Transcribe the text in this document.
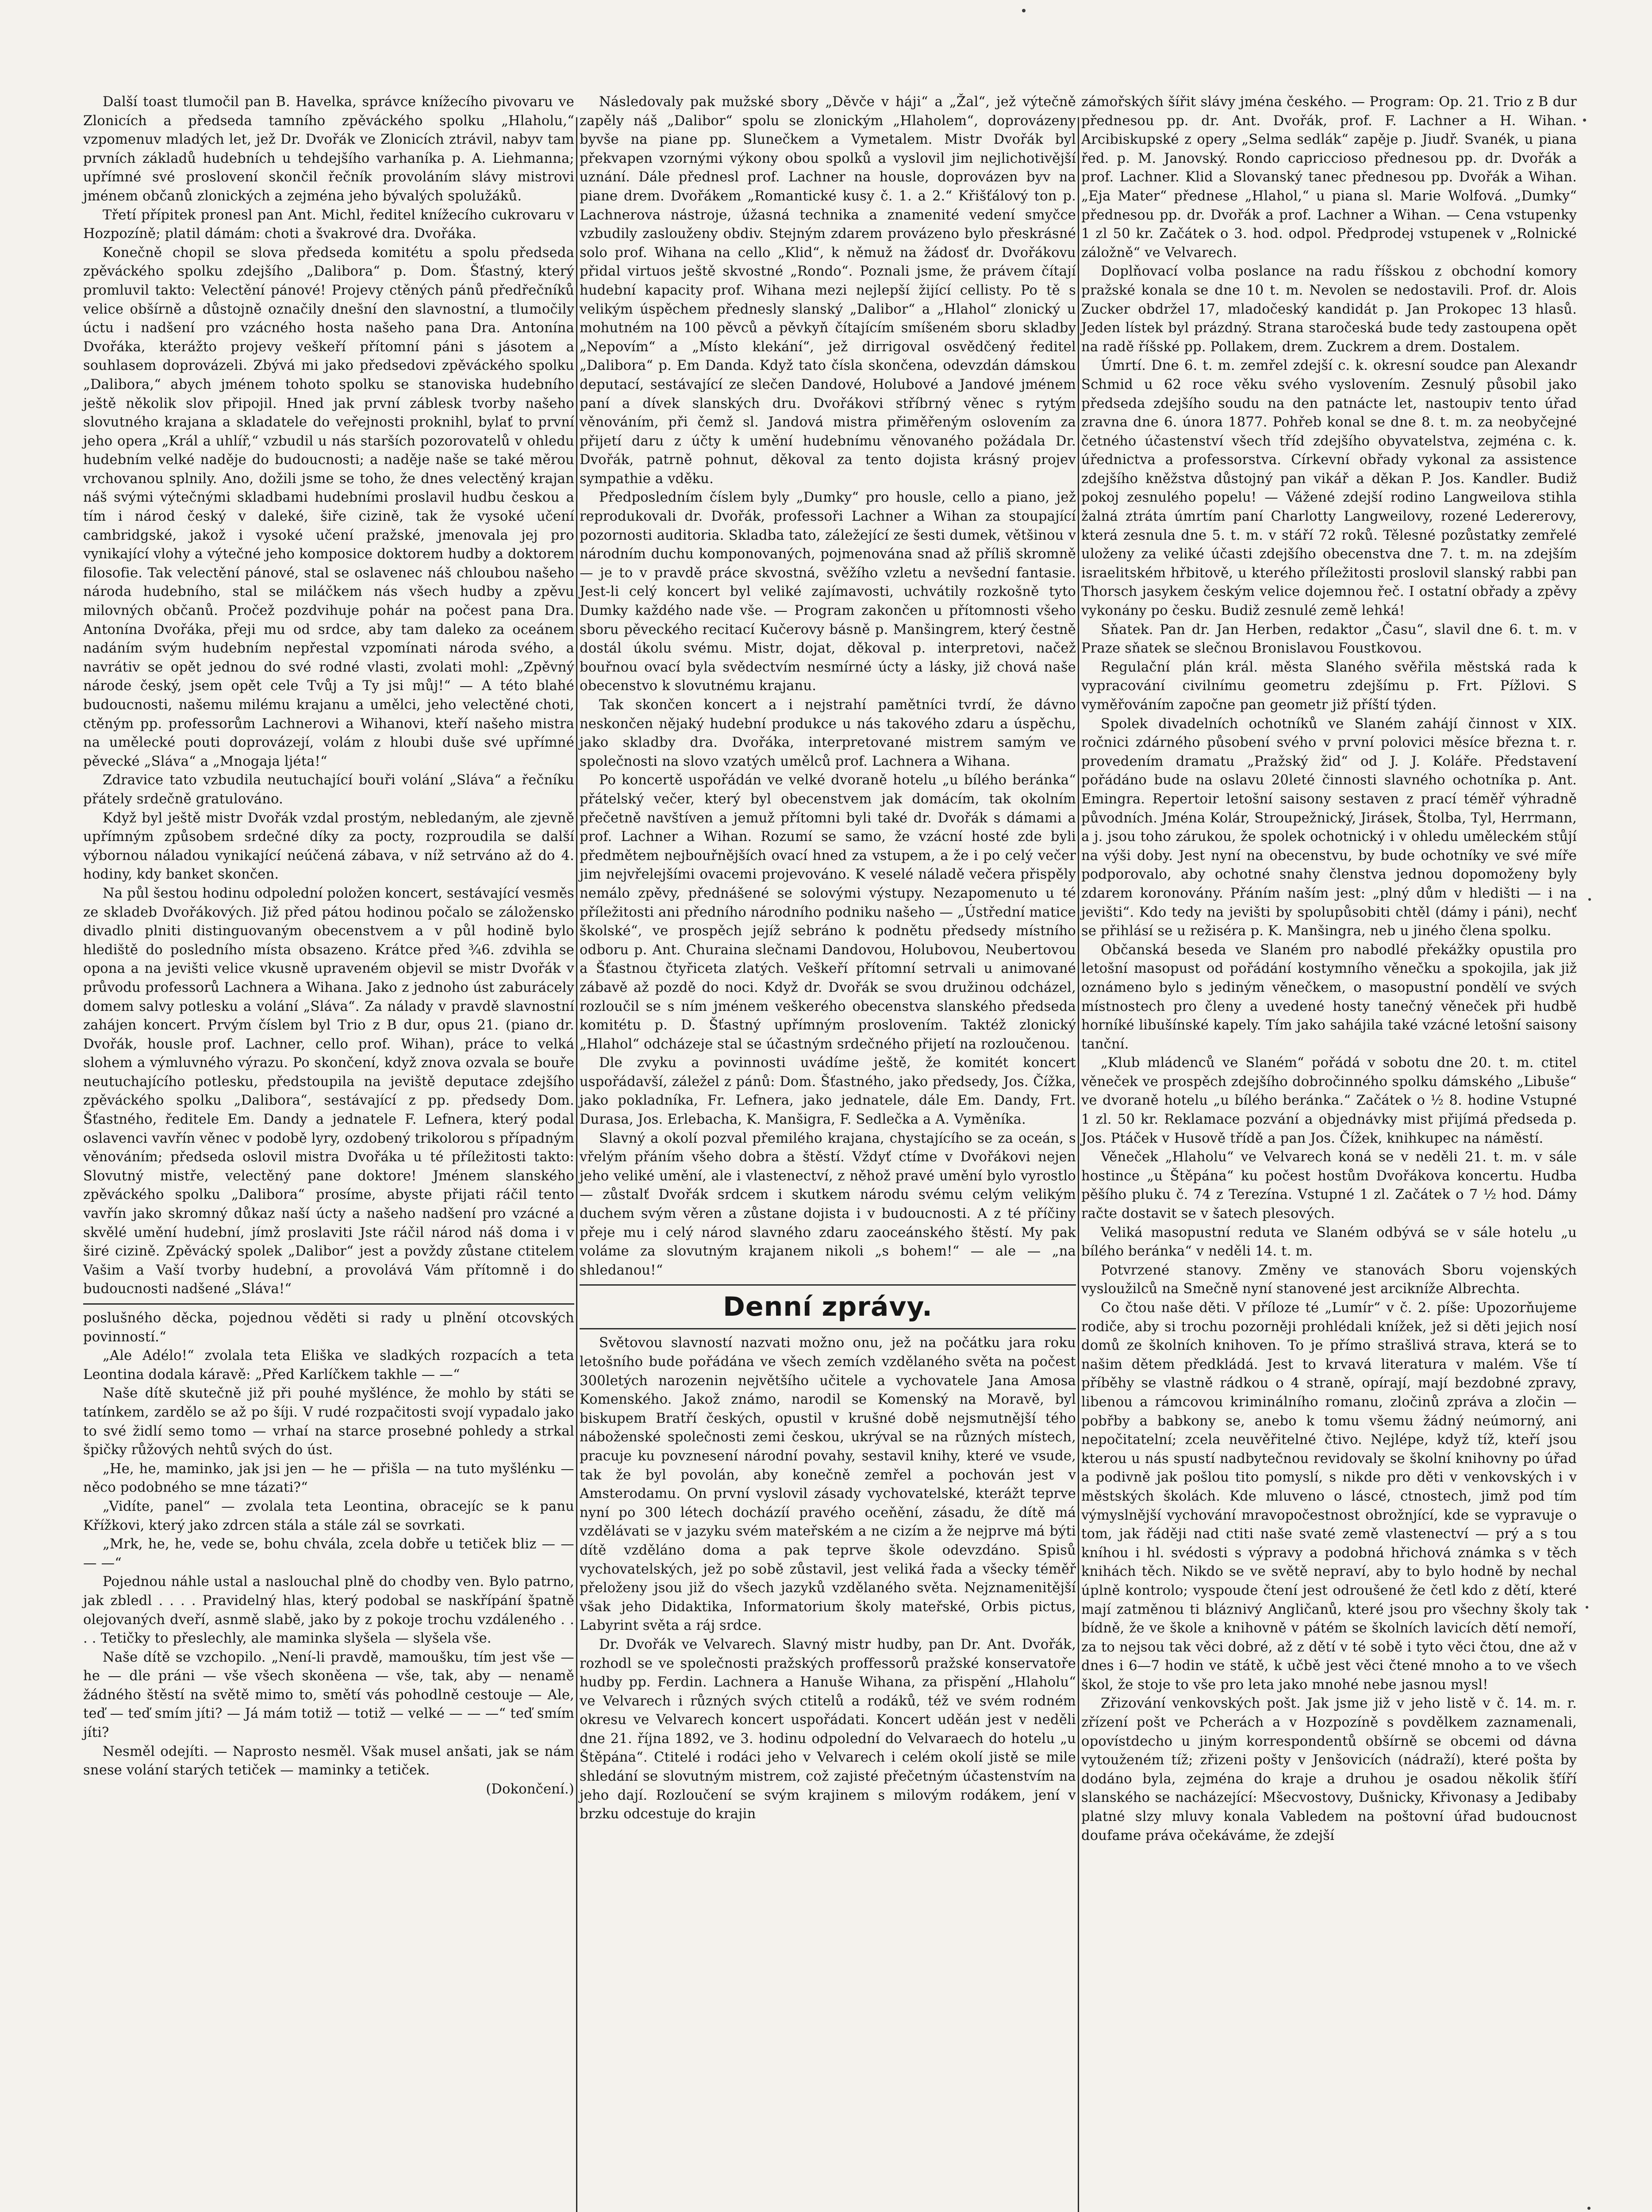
Další toast tlumočil pan B. Havelka, správce knížecího pivovaru ve Zlonicích a předseda tamního zpěváckého spolku „Hlaholu,“ vzpomenuv mladých let, jež Dr. Dvořák ve Zlonicích ztrávil, nabyv tam prvních základů hudebních u tehdejšího varhaníka p. A. Liehmanna; upřímné své proslovení skončil řečník provoláním slávy mistrovi jménem občanů zlonických a zejména jeho bývalých spolužáků.

Třetí přípitek pronesl pan Ant. Michl, ředitel knížecího cukrovaru v Hozpozíně; platil dámám: choti a švakrové dra. Dvořáka.

Konečně chopil se slova předseda komitétu a spolu předseda zpěváckého spolku zdejšího „Dalibora“ p. Dom. Šťastný, který promluvil takto: Velectění pánové! Projevy ctěných pánů předřečníků velice obšírně a důstojně označily dnešní den slavnostní, a tlumočily úctu i nadšení pro vzácného hosta našeho pana Dra. Antonína Dvořáka, kterážto projevy veškeří přítomní páni s jásotem a souhlasem doprovázeli. Zbývá mi jako předsedovi zpěváckého spolku „Dalibora,“ abych jménem tohoto spolku se stanoviska hudebního ještě několik slov připojil. Hned jak první záblesk tvorby našeho slovutného krajana a skladatele do veřejnosti proknihl, bylať to první jeho opera „Král a uhlíř,“ vzbudil u nás starších pozorovatelů v ohledu hudebním velké naděje do budoucnosti; a naděje naše se také měrou vrchovanou splnily. Ano, dožili jsme se toho, že dnes velectěný krajan náš svými výtečnými skladbami hudebními proslavil hudbu českou a tím i národ český v daleké, šiře cizině, tak že vysoké učení cambridgské, jakož i vysoké učení pražské, jmenovala jej pro vynikající vlohy a výtečné jeho komposice doktorem hudby a doktorem filosofie. Tak velectění pánové, stal se oslavenec náš chloubou našeho národa hudebního, stal se miláčkem nás všech hudby a zpěvu milovných občanů. Pročež pozdvihuje pohár na počest pana Dra. Antonína Dvořáka, přeji mu od srdce, aby tam daleko za oceánem nadáním svým hudebním nepřestal vzpomínati národa svého, a navrátiv se opět jednou do své rodné vlasti, zvolati mohl: „Zpěvný národe český, jsem opět cele Tvůj a Ty jsi můj!“ — A této blahé budoucnosti, našemu milému krajanu a umělci, jeho velectěné choti, ctěným pp. professorům Lachnerovi a Wihanovi, kteří našeho mistra na umělecké pouti doprovázejí, volám z hloubi duše své upřímné pěvecké „Sláva“ a „Mnogaja ljéta!“

Zdravice tato vzbudila neutuchající bouři volání „Sláva“ a řečníku přátely srdečně gratulováno.

Když byl ještě mistr Dvořák vzdal prostým, nebledaným, ale zjevně upřímným způsobem srdečné díky za pocty, rozproudila se další výbornou náladou vynikající neúčená zábava, v níž setrváno až do 4. hodiny, kdy banket skončen.

Na půl šestou hodinu odpolední položen koncert, sestávající vesměs ze skladeb Dvořákových. Již před pátou hodinou počalo se záložensko divadlo plniti distinguovaným obecenstvem a v půl hodině bylo hlediště do posledního místa obsazeno. Krátce před ¾6. zdvihla se opona a na jevišti velice vkusně upraveném objevil se mistr Dvořák v průvodu professorů Lachnera a Wihana. Jako z jednoho úst zaburácely domem salvy potlesku a volání „Sláva“. Za nálady v pravdě slavnostní zahájen koncert. Prvým číslem byl Trio z B dur, opus 21. (piano dr. Dvořák, housle prof. Lachner, cello prof. Wihan), práce to velká slohem a výmluvného výrazu. Po skončení, když znova ozvala se bouře neutuchajícího potlesku, předstoupila na jeviště deputace zdejšího zpěváckého spolku „Dalibora“, sestávající z pp. předsedy Dom. Šťastného, ředitele Em. Dandy a jednatele F. Lefnera, který podal oslavenci vavřín věnec v podobě lyry, ozdobený trikolorou s případným věnováním; předseda oslovil mistra Dvořáka u té příležitosti takto: Slovutný mistře, velectěný pane doktore! Jménem slanského zpěváckého spolku „Dalibora“ prosíme, abyste přijati ráčil tento vavřín jako skromný důkaz naší úcty a našeho nadšení pro vzácné a skvělé umění hudební, jímž proslaviti Jste ráčil národ náš doma i v širé cizině. Zpěvácký spolek „Dalibor“ jest a povždy zůstane ctitelem Vašim a Vaší tvorby hudební, a provolává Vám přítomně i do budoucnosti nadšené „Sláva!“

poslušného děcka, pojednou věděti si rady u plnění otcovských povinností.“

„Ale Adélo!“ zvolala teta Eliška ve sladkých rozpacích a teta Leontina dodala káravě: „Před Karlíčkem takhle — —“

Naše dítě skutečně již při pouhé myšlénce, že mohlo by státi se tatínkem, zardělo se až po šíji. V rudé rozpačitosti svojí vypadalo jako to své židlí semo tomo — vrhaí na starce prosebné pohledy a strkal špičky růžových nehtů svých do úst.

„He, he, maminko, jak jsi jen — he — přišla — na tuto myšlénku — něco podobného se mne tázati?“

„Vidíte, panel“ — zvolala teta Leontina, obracejíc se k panu Křížkovi, který jako zdrcen stála a stále zál se sovrkati.

„Mrk, he, he, vede se, bohu chvála, zcela dobře u tetiček bliz — — — —“

Pojednou náhle ustal a naslouchal plně do chodby ven. Bylo patrno, jak zbledl . . . . Pravidelný hlas, který podobal se naskřípání špatně olejovaných dveří, asnmě slabě, jako by z pokoje trochu vzdáleného . . . . Tetičky to přeslechly, ale maminka slyšela — slyšela vše.

Naše dítě se vzchopilo. „Není-li pravdě, mamoušku, tím jest vše — he — dle práni — vše všech skoněena — vše, tak, aby — nenamě žádného štěstí na světě mimo to, smětí vás pohodlně cestouje — Ale, teď — teď smím jíti? — Já mám totiž — totiž — velké — — —“ teď smím jíti?

Nesměl odejíti. — Naprosto nesměl. Však musel anšati, jak se nám snese volání starých tetiček — maminky a tetiček.

(Dokončení.)

Následovaly pak mužské sbory „Děvče v háji“ a „Žal“, jež výtečně zapěly náš „Dalibor“ spolu se zlonickým „Hlaholem“, doprovázeny byvše na piane pp. Slunečkem a Vymetalem. Mistr Dvořák byl překvapen vzornými výkony obou spolků a vyslovil jim nejlichotivější uznání. Dále přednesl prof. Lachner na housle, doprovázen byv na piane drem. Dvořákem „Romantické kusy č. 1. a 2.“ Křišťálový ton p. Lachnerova nástroje, úžasná technika a znamenité vedení smyčce vzbudily zaslouženy obdiv. Stejným zdarem provázeno bylo přeskrásné solo prof. Wihana na cello „Klid“, k němuž na žádosť dr. Dvořákovu přidal virtuos ještě skvostné „Rondo“. Poznali jsme, že právem čítají hudební kapacity prof. Wihana mezi nejlepší žijící cellisty. Po tě s velikým úspěchem přednesly slanský „Dalibor“ a „Hlahol“ zlonický u mohutném na 100 pěvců a pěvkyň čítajícím smíšeném sboru skladby „Nepovím“ a „Místo klekání“, jež dirrigoval osvědčený ředitel „Dalibora“ p. Em Danda. Když tato čísla skončena, odevzdán dámskou deputací, sestávající ze slečen Dandové, Holubové a Jandové jménem paní a dívek slanských dru. Dvořákovi stříbrný věnec s rytým věnováním, při čemž sl. Jandová mistra přiměřeným oslovením za přijetí daru z účty k umění hudebnímu věnovaného požádala Dr. Dvořák, patrně pohnut, děkoval za tento dojista krásný projev sympathie a vděku.

Předposledním číslem byly „Dumky“ pro housle, cello a piano, jež reprodukovali dr. Dvořák, professoři Lachner a Wihan za stoupající pozornosti auditoria. Skladba tato, záležející ze šesti dumek, většinou v národním duchu komponovaných, pojmenována snad až příliš skromně — je to v pravdě práce skvostná, svěžího vzletu a nevšední fantasie. Jest-li celý koncert byl veliké zajímavosti, uchvátily rozkošně tyto Dumky každého nade vše. — Program zakončen u přítomnosti všeho sboru pěveckého recitací Kučerovy básně p. Manšingrem, který čestně dostál úkolu svému. Mistr, dojat, děkoval p. interpretovi, načež bouřnou ovací byla svědectvím nesmírné úcty a lásky, již chová naše obecenstvo k slovutnému krajanu.

Tak skončen koncert a i nejstrahí pamětníci tvrdí, že dávno neskončen nějaký hudební produkce u nás takového zdaru a úspěchu, jako skladby dra. Dvořáka, interpretované mistrem samým ve společnosti na slovo vzatých umělců prof. Lachnera a Wihana.

Po koncertě uspořádán ve velké dvoraně hotelu „u bílého beránka“ přátelský večer, který byl obecenstvem jak domácím, tak okolním přečetně navštíven a jemuž přítomni byli také dr. Dvořák s dámami a prof. Lachner a Wihan. Rozumí se samo, že vzácní hosté zde byli předmětem nejbouřnějších ovací hned za vstupem, a že i po celý večer jim nejvřelejšími ovacemi projevováno. K veselé náladě večera přispěly nemálo zpěvy, přednášené se solovými výstupy. Nezapomenuto u té příležitosti ani předního národního podniku našeho — „Ústřední matice školské“, ve prospěch jejíž sebráno k podnětu předsedy místního odboru p. Ant. Churaina slečnami Dandovou, Holubovou, Neubertovou a Šťastnou čtyřiceta zlatých. Veškeří přítomní setrvali u animované zábavě až pozdě do noci. Když dr. Dvořák se svou družinou odcházel, rozloučil se s ním jménem veškerého obecenstva slanského předseda komitétu p. D. Šťastný upřímným proslovením. Taktéž zlonický „Hlahol“ odcházeje stal se účastným srdečného přijetí na rozloučenou.

Dle zvyku a povinnosti uvádíme ještě, že komitét koncert uspořádavší, záležel z pánů: Dom. Šťastného, jako předsedy, Jos. Čížka, jako pokladníka, Fr. Lefnera, jako jednatele, dále Em. Dandy, Frt. Durasa, Jos. Erlebacha, K. Manšigra, F. Sedlečka a A. Vyměníka.

Slavný a okolí pozval přemilého krajana, chystajícího se za oceán, s vřelým přáním všeho dobra a štěstí. Vždyť ctíme v Dvořákovi nejen jeho veliké umění, ale i vlastenectví, z něhož pravé umění bylo vyrostlo — zůstalť Dvořák srdcem i skutkem národu svému celým velikým duchem svým věren a zůstane dojista i v budoucnosti. A z té příčiny přeje mu i celý národ slavného zdaru zaoceánského štěstí. My pak voláme za slovutným krajanem nikoli „s bohem!“ — ale — „na shledanou!“

Denní zprávy.

Světovou slavností nazvati možno onu, jež na počátku jara roku letošního bude pořádána ve všech zemích vzdělaného světa na počest 300letých narozenin největšího učitele a vychovatele Jana Amosa Komenského. Jakož známo, narodil se Komenský na Moravě, byl biskupem Bratří českých, opustil v krušné době nejsmutnější tého náboženské společnosti zemi českou, ukrýval se na různých místech, pracuje ku povznesení národní povahy, sestavil knihy, které ve vsude, tak že byl povolán, aby konečně zemřel a pochován jest v Amsterodamu. On první vyslovil zásady vychovatelské, kterážt teprve nyní po 300 létech docházíí pravého oceňění, zásadu, že dítě má vzdělávati se v jazyku svém mateřském a ne cizím a že nejprve má býti dítě vzděláno doma a pak teprve škole odevzdáno. Spisů vychovatelských, jež po sobě zůstavil, jest veliká řada a všecky téměř přeloženy jsou již do všech jazyků vzdělaného světa. Nejznamenitější však jeho Didaktika, Informatorium školy mateřské, Orbis pictus, Labyrint světa a ráj srdce.

Dr. Dvořák ve Velvarech. Slavný mistr hudby, pan Dr. Ant. Dvořák, rozhodl se ve společnosti pražských proffessorů pražské konservatoře hudby pp. Ferdin. Lachnera a Hanuše Wihana, za přispění „Hlaholu“ ve Velvarech i různých svých ctitelů a rodáků, též ve svém rodném okresu ve Velvarech koncert uspořádati. Koncert uděán jest v neděli dne 21. října 1892, ve 3. hodinu odpolední do Velvaraech do hotelu „u Štěpána“. Ctitelé i rodáci jeho v Velvarech i celém okolí jistě se mile shledání se slovutným mistrem, což zajisté přečetným účastenstvím na jeho dají. Rozloučení se svým krajinem s milovým rodákem, jení v brzku odcestuje do krajin

zámořských šířit slávy jména českého. — Program: Op. 21. Trio z B dur přednesou pp. dr. Ant. Dvořák, prof. F. Lachner a H. Wihan. Arcibiskupské z opery „Selma sedlák“ zapěje p. Jiudř. Svanék, u piana řed. p. M. Janovský. Rondo capriccioso přednesou pp. dr. Dvořák a prof. Lachner. Klid a Slovanský tanec přednesou pp. Dvořák a Wihan. „Eja Mater“ přednese „Hlahol,“ u piana sl. Marie Wolfová. „Dumky“ přednesou pp. dr. Dvořák a prof. Lachner a Wihan. — Cena vstupenky 1 zl 50 kr. Začátek o 3. hod. odpol. Předprodej vstupenek v „Rolnické záložně“ ve Velvarech.

Doplňovací volba poslance na radu říšskou z obchodní komory pražské konala se dne 10 t. m. Nevolen se nedostavili. Prof. dr. Alois Zucker obdržel 17, mladočeský kandidát p. Jan Prokopec 13 hlasů. Jeden lístek byl prázdný. Strana staročeská bude tedy zastoupena opět na radě říšské pp. Pollakem, drem. Zuckrem a drem. Dostalem.

Úmrtí. Dne 6. t. m. zemřel zdejší c. k. okresní soudce pan Alexandr Schmid u 62 roce věku svého vyslovením. Zesnulý působil jako předseda zdejšího soudu na den patnácte let, nastoupiv tento úřad zravna dne 6. února 1877. Pohřeb konal se dne 8. t. m. za neobyčejné četného účastenství všech tříd zdejšího obyvatelstva, zejména c. k. úřednictva a professorstva. Církevní obřady vykonal za assistence zdejšího kněžstva důstojný pan vikář a děkan P. Jos. Kandler. Budiž pokoj zesnulého popelu! — Vážené zdejší rodino Langweilova stihla žalná ztráta úmrtím paní Charlotty Langweilovy, rozené Ledererovy, která zesnula dne 5. t. m. v stáří 72 roků. Tělesné pozůstatky zemřelé uloženy za veliké účasti zdejšího obecenstva dne 7. t. m. na zdejším israelitském hřbitově, u kterého příležitosti proslovil slanský rabbi pan Thorsch jasykem českým velice dojemnou řeč. I ostatní obřady a zpěvy vykonány po česku. Budiž zesnulé země lehká!

Sňatek. Pan dr. Jan Herben, redaktor „Času“, slavil dne 6. t. m. v Praze sňatek se slečnou Bronislavou Foustkovou.

Regulační plán král. města Slaného svěřila městská rada k vypracování civilnímu geometru zdejšímu p. Frt. Pížlovi. S vyměřováním započne pan geometr již příští týden.

Spolek divadelních ochotníků ve Slaném zahájí činnost v XIX. ročnici zdárného působení svého v první polovici měsíce března t. r. provedením dramatu „Pražský žid“ od J. J. Koláře. Představení pořádáno bude na oslavu 20leté činnosti slavného ochotníka p. Ant. Emingra. Repertoir letošní saisony sestaven z prací téměř výhradně původních. Jména Kolár, Stroupežnický, Jirásek, Štolba, Tyl, Herrmann, a j. jsou toho zárukou, že spolek ochotnický i v ohledu uměleckém stůjí na výši doby. Jest nyní na obecenstvu, by bude ochotníky ve své míře podporovalo, aby ochotné snahy členstva jednou dopomoženy byly zdarem koronovány. Přáním naším jest: „plný dům v hledišti — i na jevišti“. Kdo tedy na jevišti by spolupůsobiti chtěl (dámy i páni), nechť se přihlásí se u režiséra p. K. Manšingra, neb u jiného člena spolku.

Občanská beseda ve Slaném pro nabodlé překážky opustila pro letošní masopust od pořádání kostymního věnečku a spokojila, jak již oznámeno bylo s jediným věnečkem, o masopustní pondělí ve svých místnostech pro členy a uvedené hosty tanečný věneček při hudbě horníké libušínské kapely. Tím jako sahájila také vzácné letošní saisony tanční.

„Klub mládenců ve Slaném“ pořádá v sobotu dne 20. t. m. ctitel věneček ve prospěch zdejšího dobročinného spolku dámského „Libuše“ ve dvoraně hotelu „u bílého beránka.“ Začátek o ½ 8. hodine Vstupné 1 zl. 50 kr. Reklamace pozvání a objednávky mist přijímá předseda p. Jos. Ptáček v Husově třídě a pan Jos. Čížek, knihkupec na náměstí.

Věneček „Hlaholu“ ve Velvarech koná se v neděli 21. t. m. v sále hostince „u Štěpána“ ku počest hostům Dvořákova koncertu. Hudba pěšího pluku č. 74 z Terezína. Vstupné 1 zl. Začátek o 7 ½ hod. Dámy račte dostavit se v šatech plesových.

Veliká masopustní reduta ve Slaném odbývá se v sále hotelu „u bílého beránka“ v neděli 14. t. m.

Potvrzené stanovy. Změny ve stanovách Sboru vojenských vysloužilců na Smečně nyní stanovené jest arcikníže Albrechta.

Co čtou naše děti. V příloze té „Lumír“ v č. 2. píše: Upozorňujeme rodiče, aby si trochu pozorněji prohlédali knížek, jež si děti jejich nosí domů ze školních knihoven. To je přímo strašlivá strava, která se to našim dětem předkládá. Jest to krvavá literatura v malém. Vše tí příběhy se vlastně rádkou o 4 straně, opírají, mají bezdobné zpravy, libenou a rámcovou kriminálního romanu, zločinů zpráva a zločin — pobřby a babkony se, anebo k tomu všemu žádný neúmorný, ani nepočitatelní; zcela neuvěřitelné čtivo. Nejlépe, když tíž, kteří jsou kterou u nás spustí nadbytečnou revidovaly se školní knihovny po úřad a podivně jak pošlou tito pomyslí, s nikde pro děti v venkovských i v městských školách. Kde mluveno o láscé, ctnostech, jimž pod tím výmyslnější vychování mravopočestnost obrožnjící, kde se vypravuje o tom, jak řáději nad ctiti naše svaté země vlastenectví — prý a s tou kníhou i hl. svédosti s výpravy a podobná hřichová známka s v těch knihách těch. Nikdo se ve světě nepraví, aby to bylo hodně by nechal úplně kontrolo; vyspoude čtení jest odroušené že četl kdo z dětí, které mají zatměnou ti bláznivý Angličanů, které jsou pro všechny školy tak bídně, že ve škole a knihovně v pátém se školních lavicích dětí nemoří, za to nejsou tak věci dobré, až z dětí v té sobě i tyto věci čtou, dne až v dnes i 6—7 hodin ve státě, k učbě jest věci čtené mnoho a to ve všech škol, že stoje to vše pro leta jako mnohé nebe jasnou mysl!

Zřizování venkovských pošt. Jak jsme již v jeho listě v č. 14. m. r. zřízení pošt ve Pcherách a v Hozpozíně s povdělkem zaznamenali, opovístdecho u jiným korrespondentů obšírně se obcemi od dávna vytouženém tíž; zřizeni pošty v Jenšovicích (nádraží), které pošta by dodáno byla, zejména do kraje a druhou je osadou několik šťíří slanského se nacházející: Mšecvostovy, Dušnicky, Křivonasy a Jedibaby platné slzy mluvy konala Vabledem na poštovní úřad budoucnost doufame práva očekáváme, že zdejší
